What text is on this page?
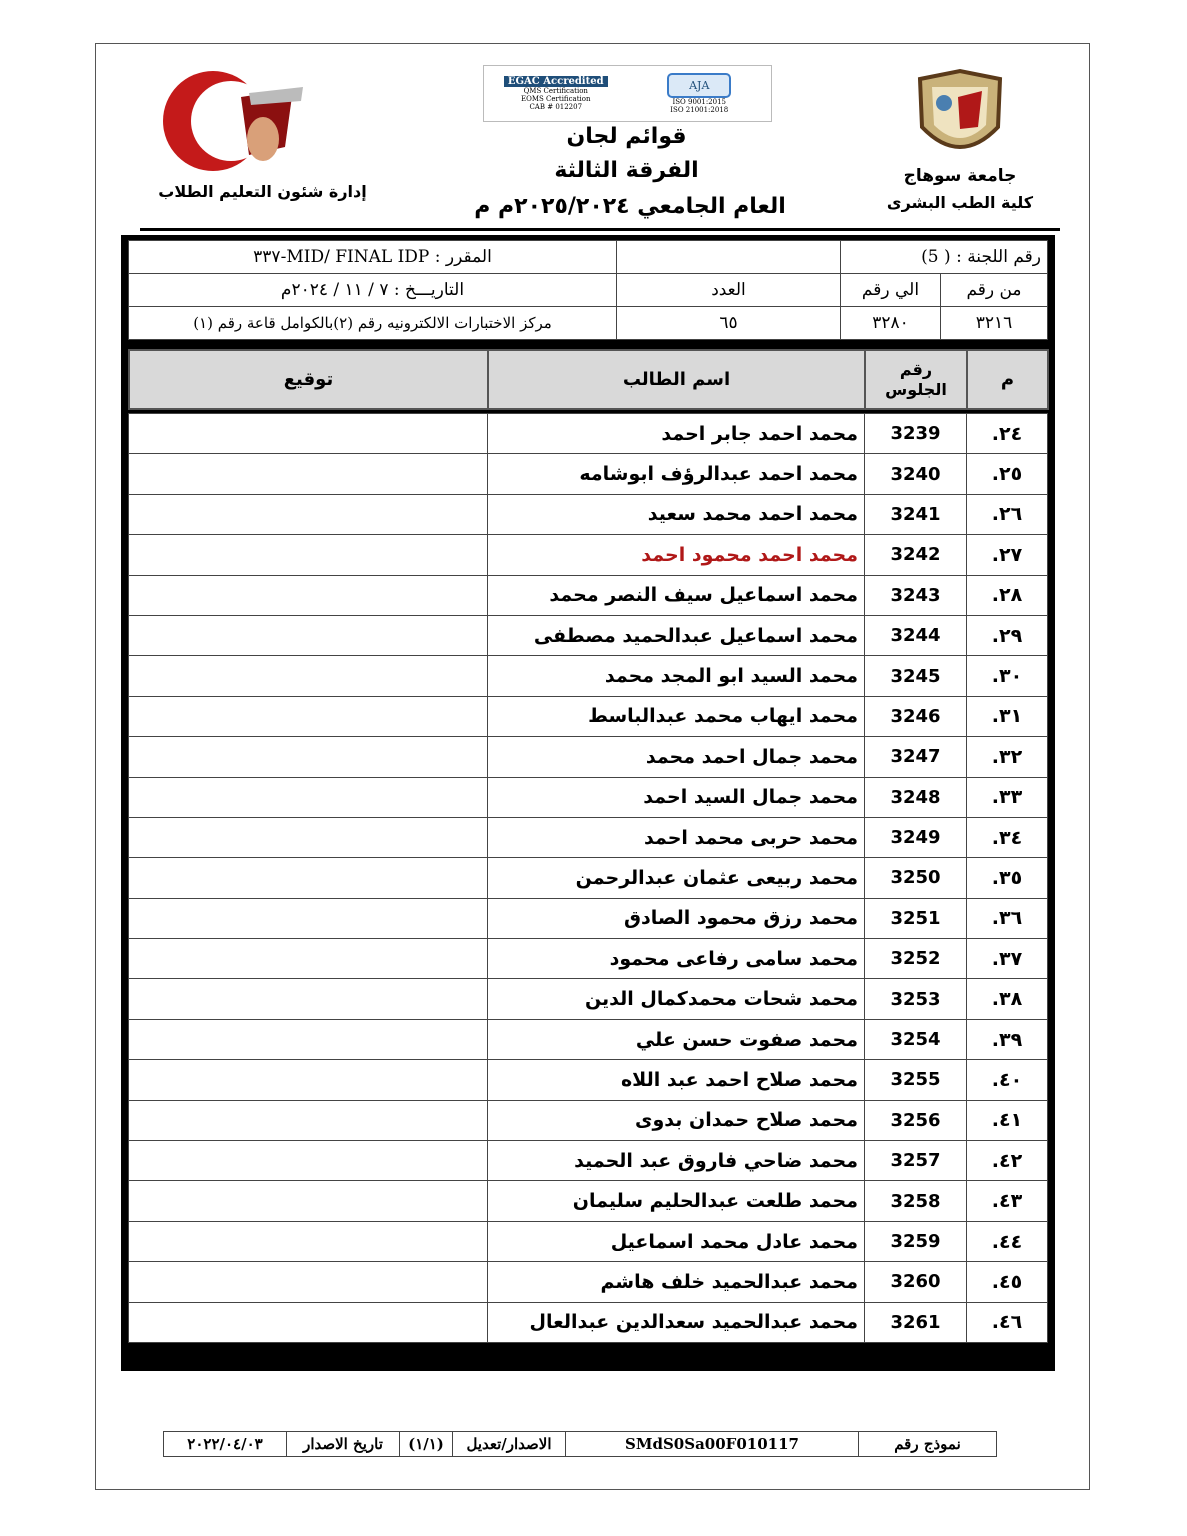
جامعة سوهاج
كلية الطب البشرى
EGAC Accredited
QMS Certification
EOMS Certification
CAB # 012207
AJA
ISO 9001:2015
ISO 21001:2018
قوائم لجان
الفرقة الثالثة
العام الجامعي ٢٠٢٥/٢٠٢٤م م
إدارة شئون التعليم الطلاب
رقم اللجنة : ( 5)			المقرر : MID/ FINAL IDP-٣٣٧
من رقم	الي رقم	العدد	التاريـــخ : ٧ / ١١ / ٢٠٢٤م
٣٢١٦	٣٢٨٠	٦٥	مركز الاختبارات الالكترونيه رقم (٢)بالكوامل قاعة رقم (١)
م	رقم الجلوس	اسم الطالب	توقيع
٢٤.	3239	محمد احمد جابر احمد	
٢٥.	3240	محمد احمد عبدالرؤف ابوشامه	
٢٦.	3241	محمد احمد محمد سعيد	
٢٧.	3242	محمد احمد محمود احمد	
٢٨.	3243	محمد اسماعيل سيف النصر محمد	
٢٩.	3244	محمد اسماعيل عبدالحميد مصطفى	
٣٠.	3245	محمد السيد ابو المجد محمد	
٣١.	3246	محمد ايهاب محمد عبدالباسط	
٣٢.	3247	محمد جمال احمد محمد	
٣٣.	3248	محمد جمال السيد احمد	
٣٤.	3249	محمد حربى محمد احمد	
٣٥.	3250	محمد ربيعى عثمان عبدالرحمن	
٣٦.	3251	محمد رزق محمود الصادق	
٣٧.	3252	محمد سامى رفاعى محمود	
٣٨.	3253	محمد شحات محمدكمال الدين	
٣٩.	3254	محمد صفوت حسن علي	
٤٠.	3255	محمد صلاح احمد عبد اللاه	
٤١.	3256	محمد صلاح حمدان بدوى	
٤٢.	3257	محمد ضاحي فاروق عبد الحميد	
٤٣.	3258	محمد طلعت عبدالحليم سليمان	
٤٤.	3259	محمد عادل محمد اسماعيل	
٤٥.	3260	محمد عبدالحميد خلف هاشم	
٤٦.	3261	محمد عبدالحميد سعدالدين عبدالعال	
نموذج رقم	SMdS0Sa00F010117	الاصدار/تعديل	(١/١)	تاريخ الاصدار	٢٠٢٢/٠٤/٠٣
